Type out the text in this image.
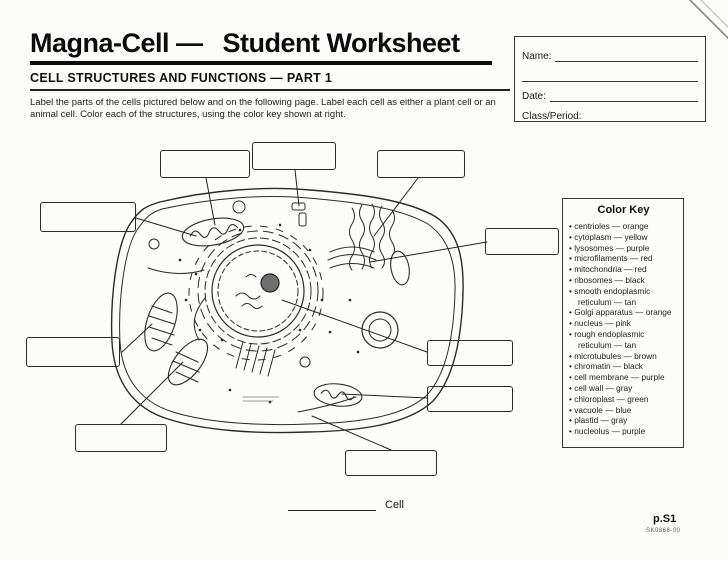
Magna-Cell — Student Worksheet
CELL STRUCTURES AND FUNCTIONS — PART 1

Label the parts of the cells pictured below and on the following page. Label each cell as either a plant cell or an animal cell. Color each of the structures, using the color key shown at right.

Name:
Date:
Class/Period:
Color Key
• centrioles — orange
• cytoplasm — yellow
• lysosomes — purple
• microfilaments — red
• mitochondria — red
• ribosomes — black
• smooth endoplasmic reticulum — tan
• Golgi apparatus — orange
• nucleus — pink
• rough endoplasmic reticulum — tan
• microtubules — brown
• chromatin — black
• cell membrane — purple
• cell wall — gray
• chloroplast — green
• vacuole — blue
• plastid — gray
• nucleolus — purple
Cell
p.S1
SK0868-00
